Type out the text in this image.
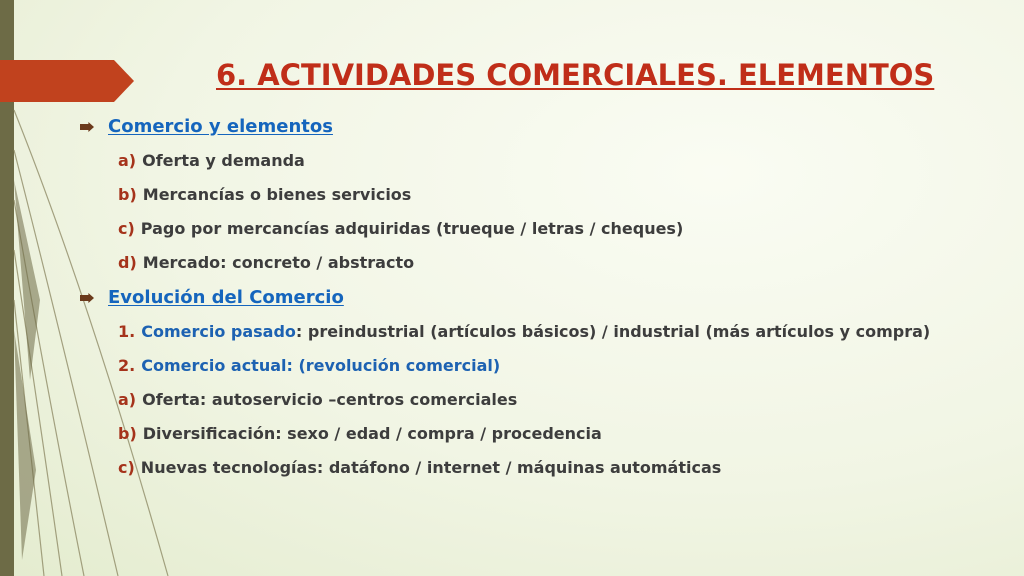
6. ACTIVIDADES COMERCIALES. ELEMENTOS
Comercio y elementos
a) Oferta y demanda
b) Mercancías o bienes servicios
c) Pago por mercancías adquiridas (trueque / letras / cheques)
d) Mercado: concreto / abstracto
Evolución del Comercio
1. Comercio pasado: preindustrial (artículos básicos) / industrial (más artículos y compra)
2. Comercio actual: (revolución comercial)
a) Oferta: autoservicio –centros comerciales
b) Diversificación: sexo / edad / compra / procedencia
c) Nuevas tecnologías: datáfono / internet / máquinas automáticas
